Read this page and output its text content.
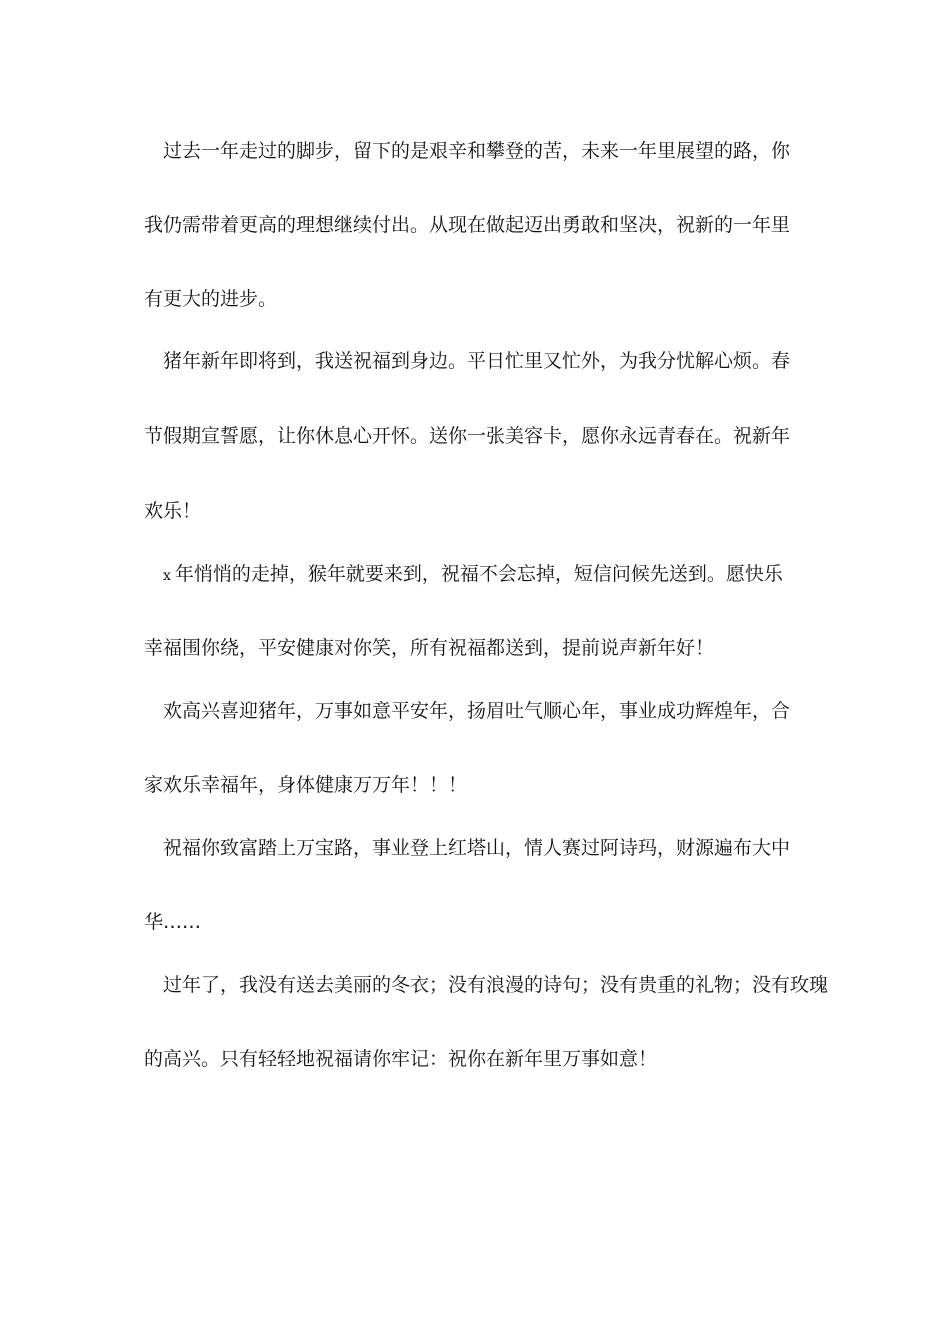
过去一年走过的脚步，留下的是艰辛和攀登的苦，未来一年里展望的路，你
我仍需带着更高的理想继续付出。从现在做起迈出勇敢和坚决，祝新的一年里
有更大的进步。
猪年新年即将到，我送祝福到身边。平日忙里又忙外，为我分忧解心烦。春
节假期宣誓愿，让你休息心开怀。送你一张美容卡，愿你永远青春在。祝新年
欢乐！
x 年悄悄的走掉，猴年就要来到，祝福不会忘掉，短信问候先送到。愿快乐
幸福围你绕，平安健康对你笑，所有祝福都送到，提前说声新年好！
欢高兴喜迎猪年，万事如意平安年，扬眉吐气顺心年，事业成功辉煌年，合
家欢乐幸福年，身体健康万万年！！！
祝福你致富踏上万宝路，事业登上红塔山，情人赛过阿诗玛，财源遍布大中
华……
过年了，我没有送去美丽的冬衣；没有浪漫的诗句；没有贵重的礼物；没有玫瑰
的高兴。只有轻轻地祝福请你牢记：祝你在新年里万事如意！
